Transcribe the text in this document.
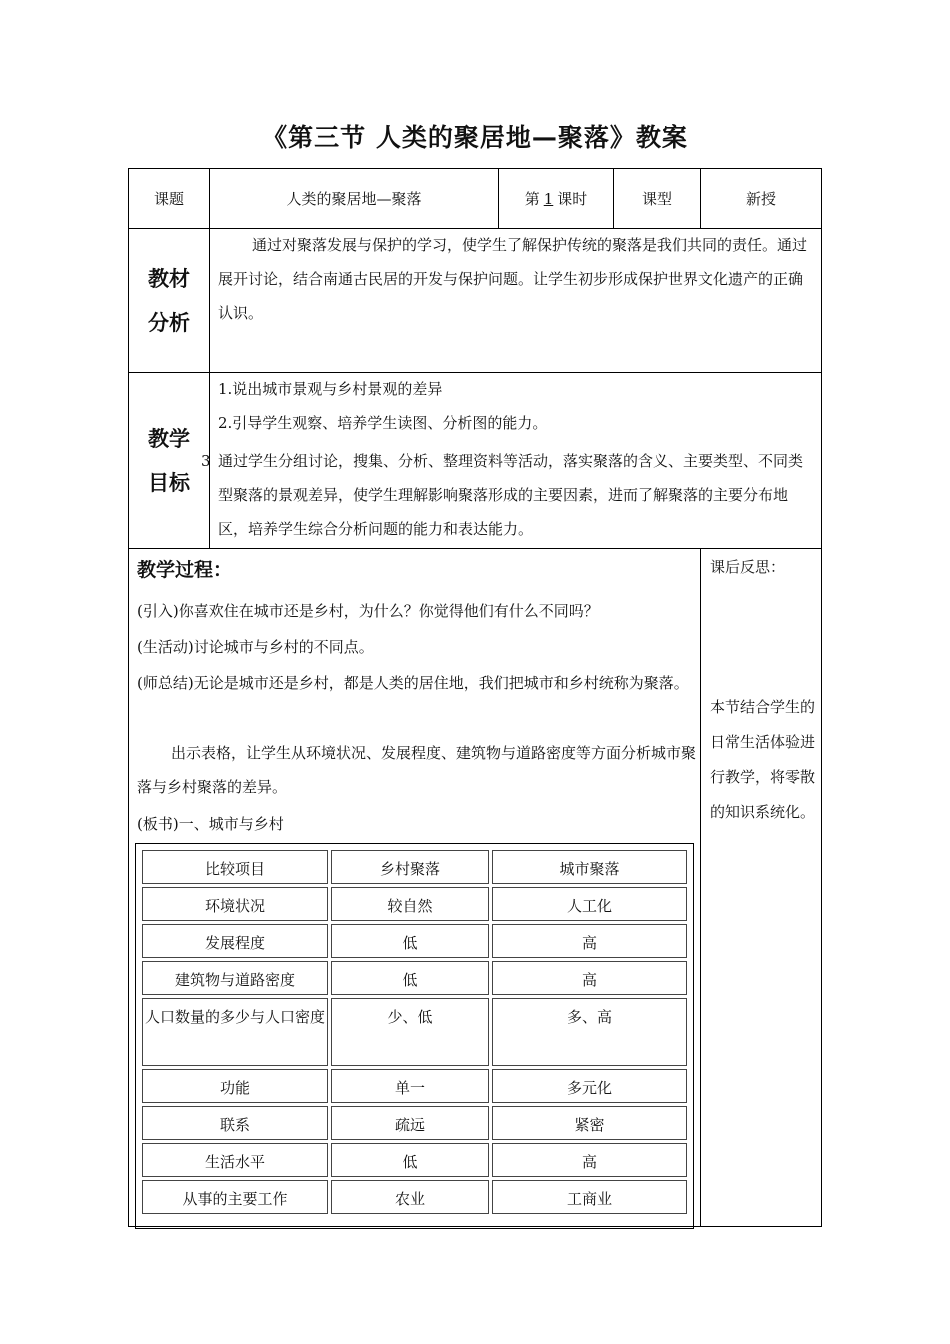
《第三节 人类的聚居地—聚落》教案
课题	人类的聚居地—聚落	第 1 课时	课型	新授
教材
分析
通过对聚落发展与保护的学习，使学生了解保护传统的聚落是我们共同的责任。通过展开讨论，结合南通古民居的开发与保护问题。让学生初步形成保护世界文化遗产的正确认识。
教学
目标
1.说出城市景观与乡村景观的差异
2.引导学生观察、培养学生读图、分析图的能力。
3 通过学生分组讨论，搜集、分析、整理资料等活动，落实聚落的含义、主要类型、不同类型聚落的景观差异，使学生理解影响聚落形成的主要因素，进而了解聚落的主要分布地区，培养学生综合分析问题的能力和表达能力。
教学过程：
(引入)你喜欢住在城市还是乡村，为什么？你觉得他们有什么不同吗？
(生活动)讨论城市与乡村的不同点。
(师总结)无论是城市还是乡村，都是人类的居住地，我们把城市和乡村统称为聚落。
出示表格，让学生从环境状况、发展程度、建筑物与道路密度等方面分析城市聚落与乡村聚落的差异。
(板书)一、城市与乡村
课后反思：
本节结合学生的日常生活体验进行教学，将零散的知识系统化。
比较项目	乡村聚落	城市聚落
环境状况	较自然	人工化
发展程度	低	高
建筑物与道路密度	低	高
人口数量的多少与人口密度	少、低	多、高
功能	单一	多元化
联系	疏远	紧密
生活水平	低	高
从事的主要工作	农业	工商业
